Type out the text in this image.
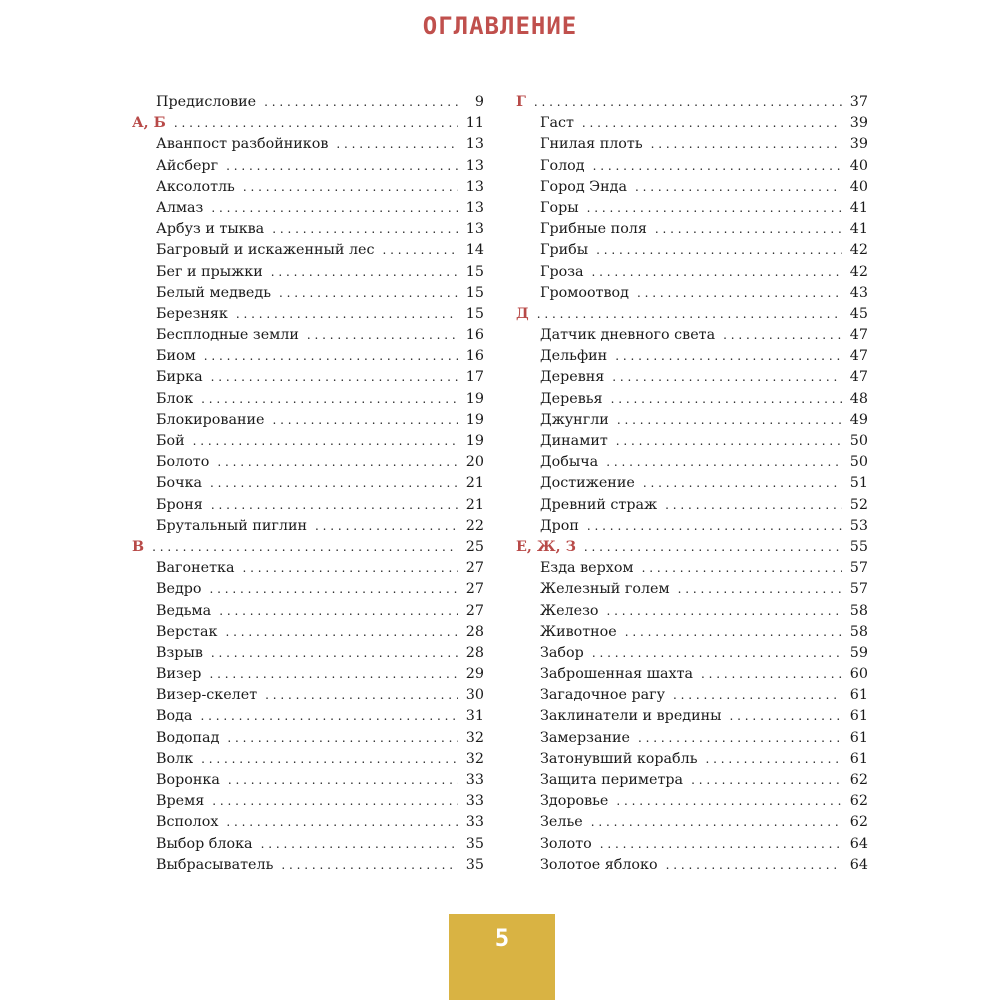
ОГЛАВЛЕНИЕ
Предисловие . . .	9
А, Б . . .	11
Аванпост разбойников . . .	13
Айсберг . . .	13
Аксолотль . . .	13
Алмаз . . .	13
Арбуз и тыква . . .	13
Багровый и искаженный лес . . .	14
Бег и прыжки . . .	15
Белый медведь . . .	15
Березняк . . .	15
Бесплодные земли . . .	16
Биом . . .	16
Бирка . . .	17
Блок . . .	19
Блокирование . . .	19
Бой . . .	19
Болото . . .	20
Бочка . . .	21
Броня . . .	21
Брутальный пиглин . . .	22
В . . .	25
Вагонетка . . .	27
Ведро . . .	27
Ведьма . . .	27
Верстак . . .	28
Взрыв . . .	28
Визер . . .	29
Визер-скелет . . .	30
Вода . . .	31
Водопад . . .	32
Волк . . .	32
Воронка . . .	33
Время . . .	33
Всполох . . .	33
Выбор блока . . .	35
Выбрасыватель . . .	35
Г . . .	37
Гаст . . .	39
Гнилая плоть . . .	39
Голод . . .	40
Город Энда . . .	40
Горы . . .	41
Грибные поля . . .	41
Грибы . . .	42
Гроза . . .	42
Громоотвод . . .	43
Д . . .	45
Датчик дневного света . . .	47
Дельфин . . .	47
Деревня . . .	47
Деревья . . .	48
Джунгли . . .	49
Динамит . . .	50
Добыча . . .	50
Достижение . . .	51
Древний страж . . .	52
Дроп . . .	53
Е, Ж, З . . .	55
Езда верхом . . .	57
Железный голем . . .	57
Железо . . .	58
Животное . . .	58
Забор . . .	59
Заброшенная шахта . . .	60
Загадочное рагу . . .	61
Заклинатели и вредины . . .	61
Замерзание . . .	61
Затонувший корабль . . .	61
Защита периметра . . .	62
Здоровье . . .	62
Зелье . . .	62
Золото . . .	64
Золотое яблоко . . .	64
5
